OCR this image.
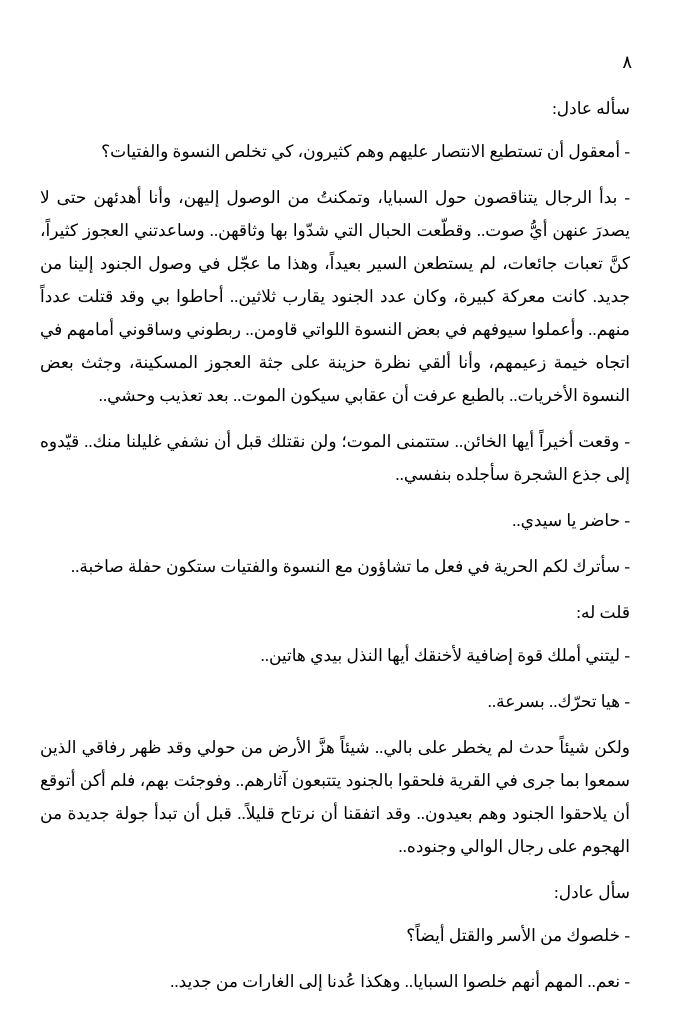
٨

سأله عادل:

- أمعقول أن تستطيع الانتصار عليهم وهم كثيرون، كي تخلص النسوة والفتيات؟

- بدأ الرجال يتناقصون حول السبايا، وتمكنتُ من الوصول إليهن، وأنا أهدئهن حتى لا يصدرَ عنهن أيُّ صوت.. وقطّعت الحبال التي شدّوا بها وثاقهن.. وساعدتني العجوز كثيراً، كنَّ تعبات جائعات، لم يستطعن السير بعيداً، وهذا ما عجّل في وصول الجنود إلينا من جديد. كانت معركة كبيرة، وكان عدد الجنود يقارب ثلاثين.. أحاطوا بي وقد قتلت عدداً منهم.. وأعملوا سيوفهم في بعض النسوة اللواتي قاومن.. ربطوني وساقوني أمامهم في اتجاه خيمة زعيمهم، وأنا ألقي نظرة حزينة على جثة العجوز المسكينة، وجثث بعض النسوة الأخريات.. بالطبع عرفت أن عقابي سيكون الموت.. بعد تعذيب وحشي..

- وقعت أخيراً أيها الخائن.. ستتمنى الموت؛ ولن نقتلك قبل أن نشفي غليلنا منك.. قيّدوه إلى جذع الشجرة سأجلده بنفسي..

- حاضر يا سيدي..

- سأترك لكم الحرية في فعل ما تشاؤون مع النسوة والفتيات ستكون حفلة صاخبة..

قلت له:

- ليتني أملك قوة إضافية لأخنقك أيها النذل بيدي هاتين..

- هيا تحرّك.. بسرعة..

ولكن شيئاً حدث لم يخطر على بالي.. شيئاً هزَّ الأرض من حولي وقد ظهر رفاقي الذين سمعوا بما جرى في القرية فلحقوا بالجنود يتتبعون آثارهم.. وفوجئت بهم، فلم أكن أتوقع أن يلاحقوا الجنود وهم بعيدون.. وقد اتفقنا أن نرتاح قليلاً.. قبل أن تبدأ جولة جديدة من الهجوم على رجال الوالي وجنوده..

سأل عادل:

- خلصوك من الأسر والقتل أيضاً؟

- نعم.. المهم أنهم خلصوا السبايا.. وهكذا عُدنا إلى الغارات من جديد..
